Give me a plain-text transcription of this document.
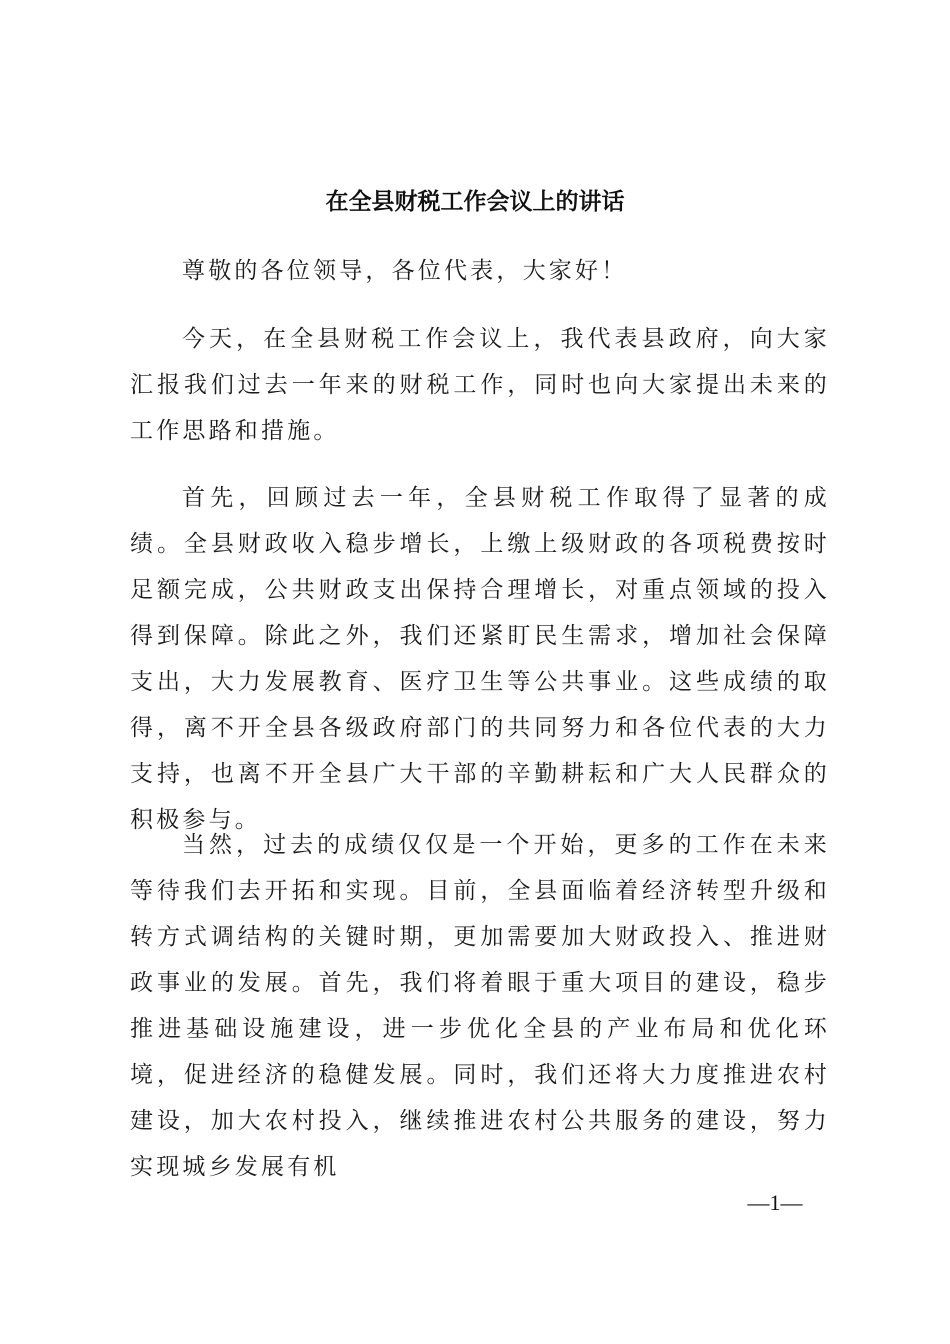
在全县财税工作会议上的讲话

尊敬的各位领导，各位代表，大家好！

今天，在全县财税工作会议上，我代表县政府，向大家汇报我们过去一年来的财税工作，同时也向大家提出未来的工作思路和措施。

首先，回顾过去一年，全县财税工作取得了显著的成绩。全县财政收入稳步增长，上缴上级财政的各项税费按时足额完成，公共财政支出保持合理增长，对重点领域的投入得到保障。除此之外，我们还紧盯民生需求，增加社会保障支出，大力发展教育、医疗卫生等公共事业。这些成绩的取得，离不开全县各级政府部门的共同努力和各位代表的大力支持，也离不开全县广大干部的辛勤耕耘和广大人民群众的积极参与。

当然，过去的成绩仅仅是一个开始，更多的工作在未来等待我们去开拓和实现。目前，全县面临着经济转型升级和转方式调结构的关键时期，更加需要加大财政投入、推进财政事业的发展。首先，我们将着眼于重大项目的建设，稳步推进基础设施建设，进一步优化全县的产业布局和优化环境，促进经济的稳健发展。同时，我们还将大力度推进农村建设，加大农村投入，继续推进农村公共服务的建设，努力实现城乡发展有机

—1—
